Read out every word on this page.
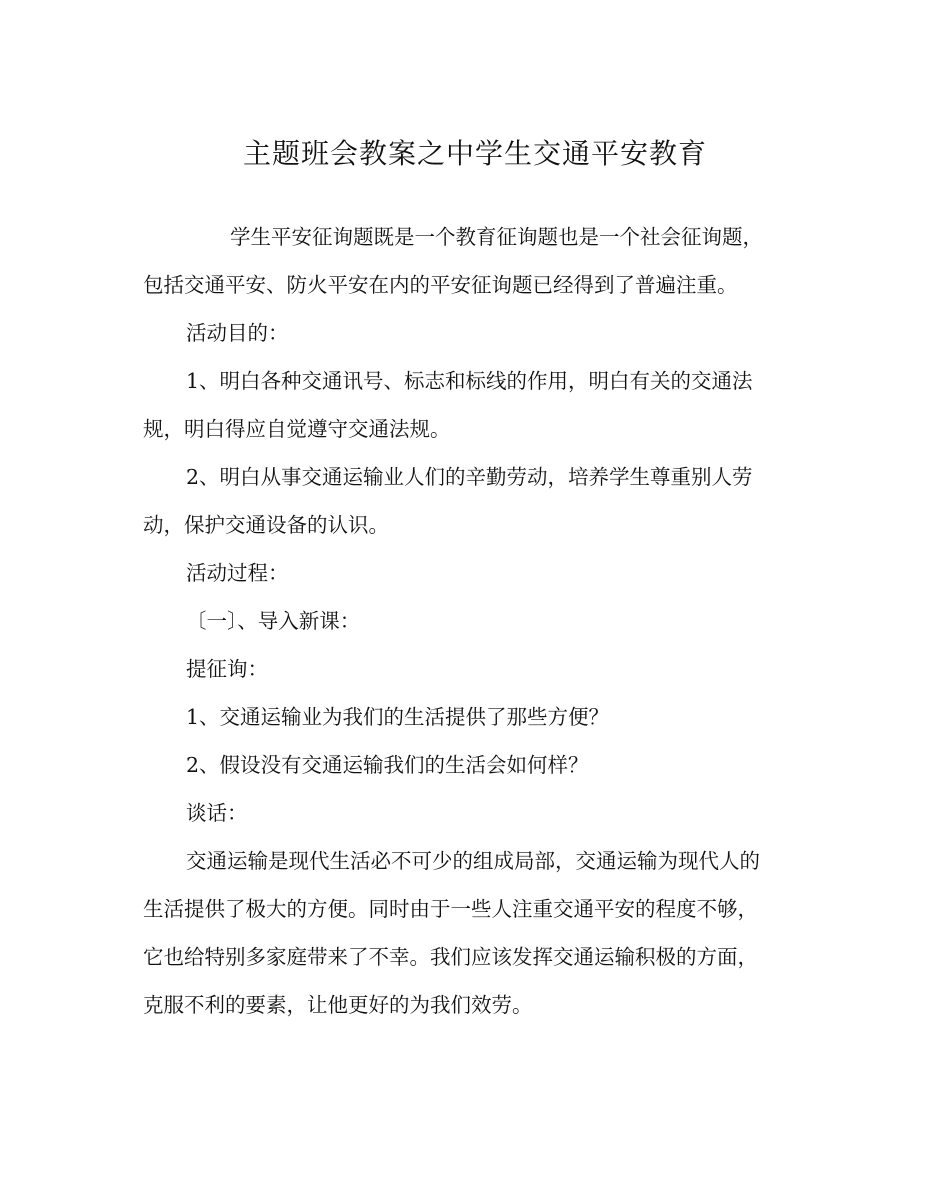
主题班会教案之中学生交通平安教育
学生平安征询题既是一个教育征询题也是一个社会征询题，
包括交通平安、防火平安在内的平安征询题已经得到了普遍注重。
活动目的：
1、明白各种交通讯号、标志和标线的作用，明白有关的交通法
规，明白得应自觉遵守交通法规。
2、明白从事交通运输业人们的辛勤劳动，培养学生尊重别人劳
动，保护交通设备的认识。
活动过程：
〔一〕、导入新课：
提征询：
1、交通运输业为我们的生活提供了那些方便？
2、假设没有交通运输我们的生活会如何样？
谈话：
交通运输是现代生活必不可少的组成局部，交通运输为现代人的
生活提供了极大的方便。同时由于一些人注重交通平安的程度不够，
它也给特别多家庭带来了不幸。我们应该发挥交通运输积极的方面，
克服不利的要素，让他更好的为我们效劳。
